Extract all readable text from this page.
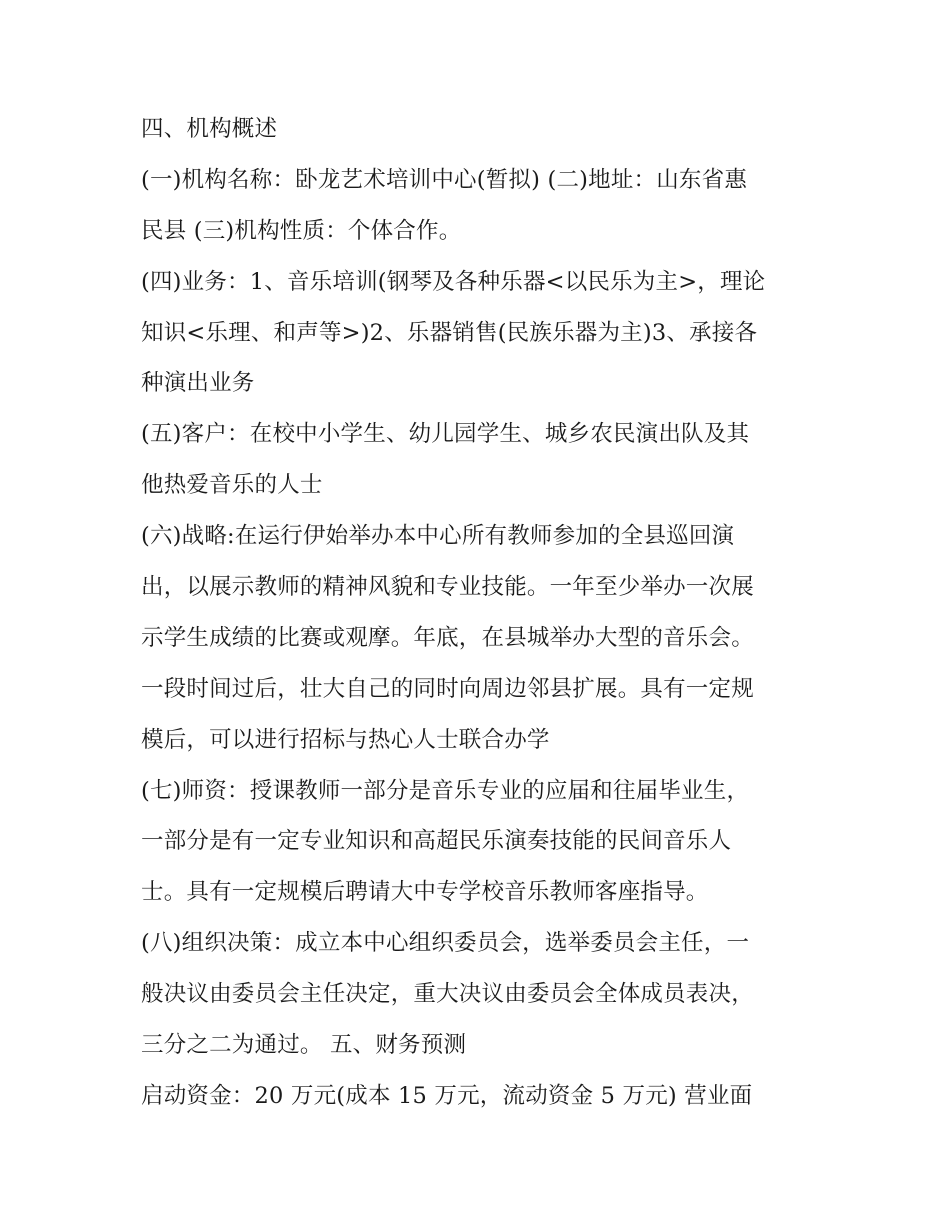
四、机构概述
(一)机构名称：卧龙艺术培训中心(暂拟) (二)地址：山东省惠
民县 (三)机构性质：个体合作。
(四)业务：1、音乐培训(钢琴及各种乐器<以民乐为主>，理论
知识<乐理、和声等>)2、乐器销售(民族乐器为主)3、承接各
种演出业务
(五)客户：在校中小学生、幼儿园学生、城乡农民演出队及其
他热爱音乐的人士
(六)战略:在运行伊始举办本中心所有教师参加的全县巡回演
出，以展示教师的精神风貌和专业技能。一年至少举办一次展
示学生成绩的比赛或观摩。年底，在县城举办大型的音乐会。
一段时间过后，壮大自己的同时向周边邻县扩展。具有一定规
模后，可以进行招标与热心人士联合办学
(七)师资：授课教师一部分是音乐专业的应届和往届毕业生，
一部分是有一定专业知识和高超民乐演奏技能的民间音乐人
士。具有一定规模后聘请大中专学校音乐教师客座指导。
(八)组织决策：成立本中心组织委员会，选举委员会主任，一
般决议由委员会主任决定，重大决议由委员会全体成员表决，
三分之二为通过。 五、财务预测
启动资金：20 万元(成本 15 万元，流动资金 5 万元) 营业面
